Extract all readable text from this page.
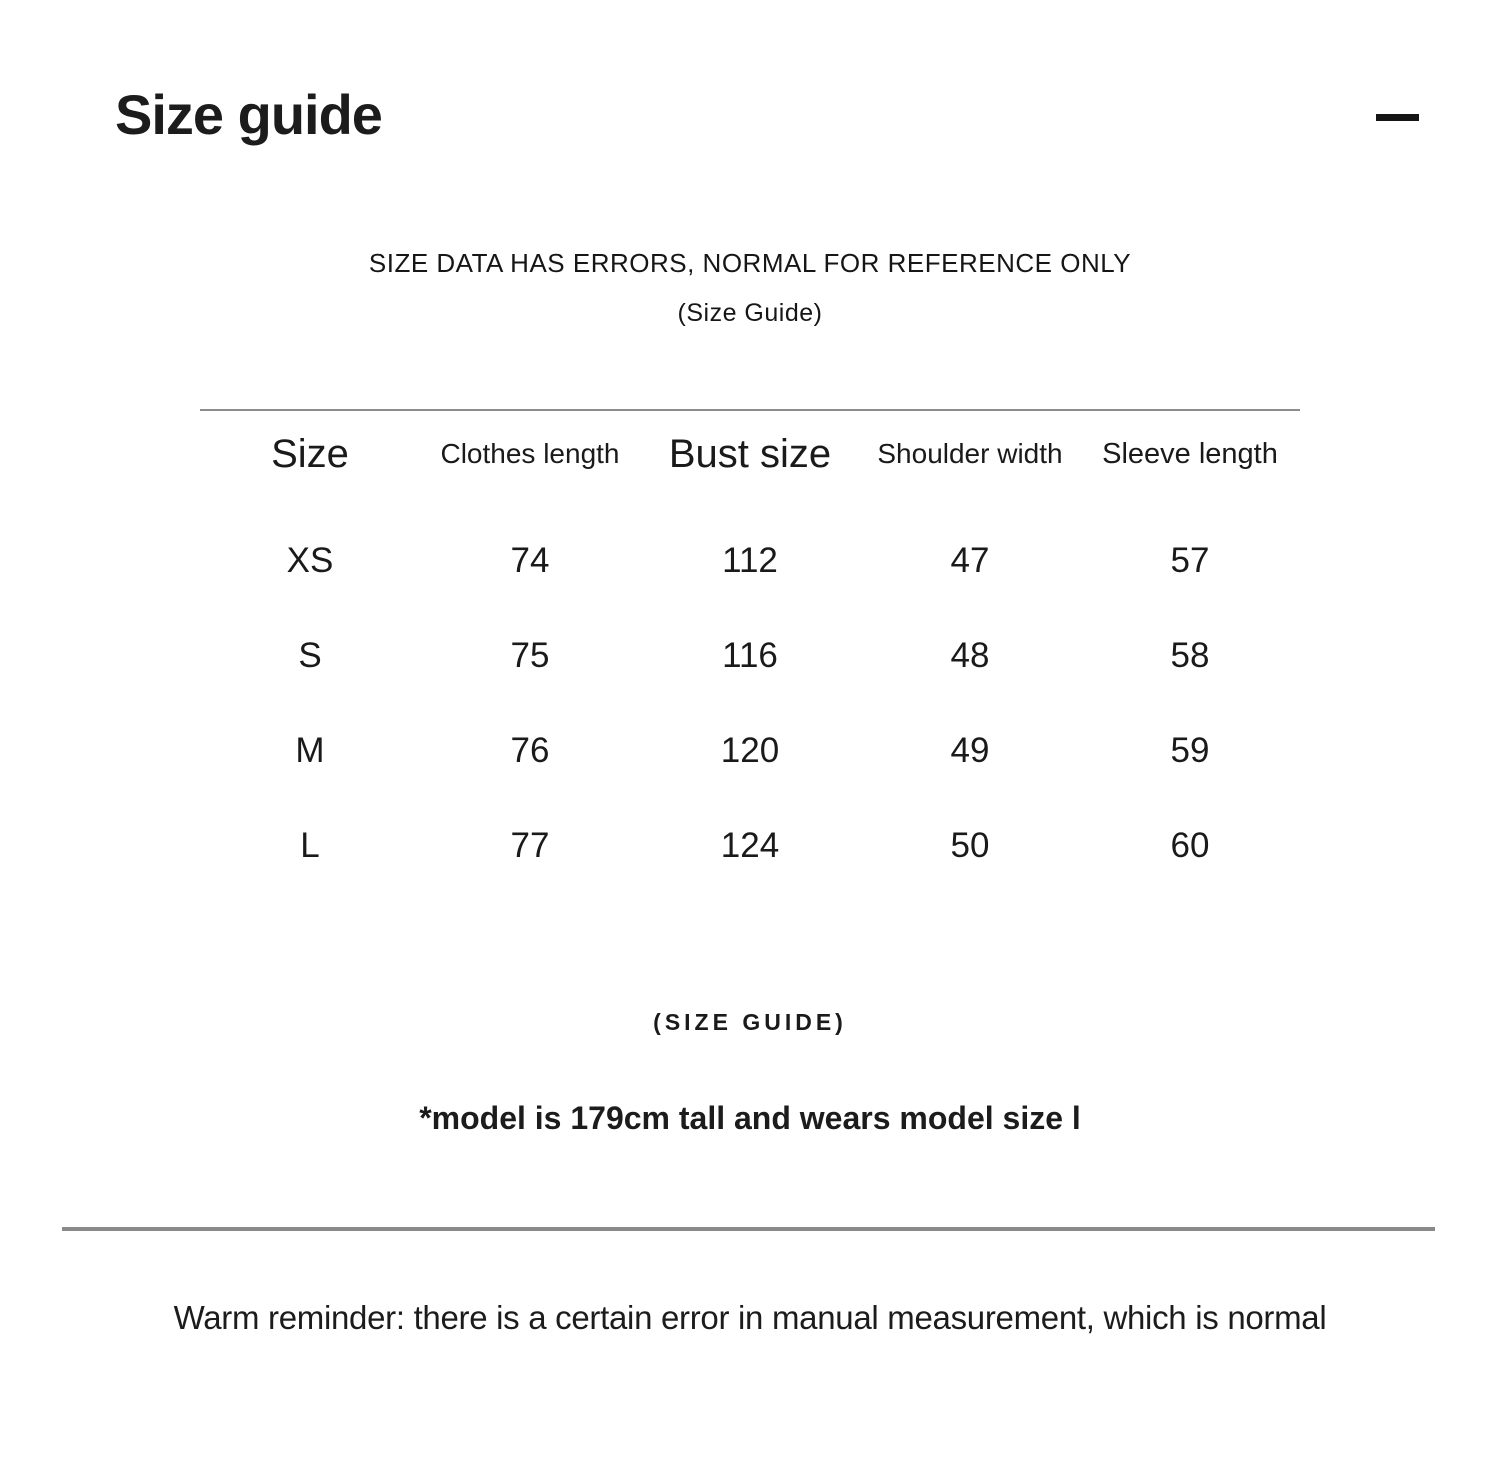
Size guide

SIZE DATA HAS ERRORS, NORMAL FOR REFERENCE ONLY

(Size Guide)

Size	Clothes length	Bust size	Shoulder width	Sleeve length
XS	74	112	47	57
S	75	116	48	58
M	76	120	49	59
L	77	124	50	60

(SIZE GUIDE)

*model is 179cm tall and wears model size l

Warm reminder: there is a certain error in manual measurement, which is normal
